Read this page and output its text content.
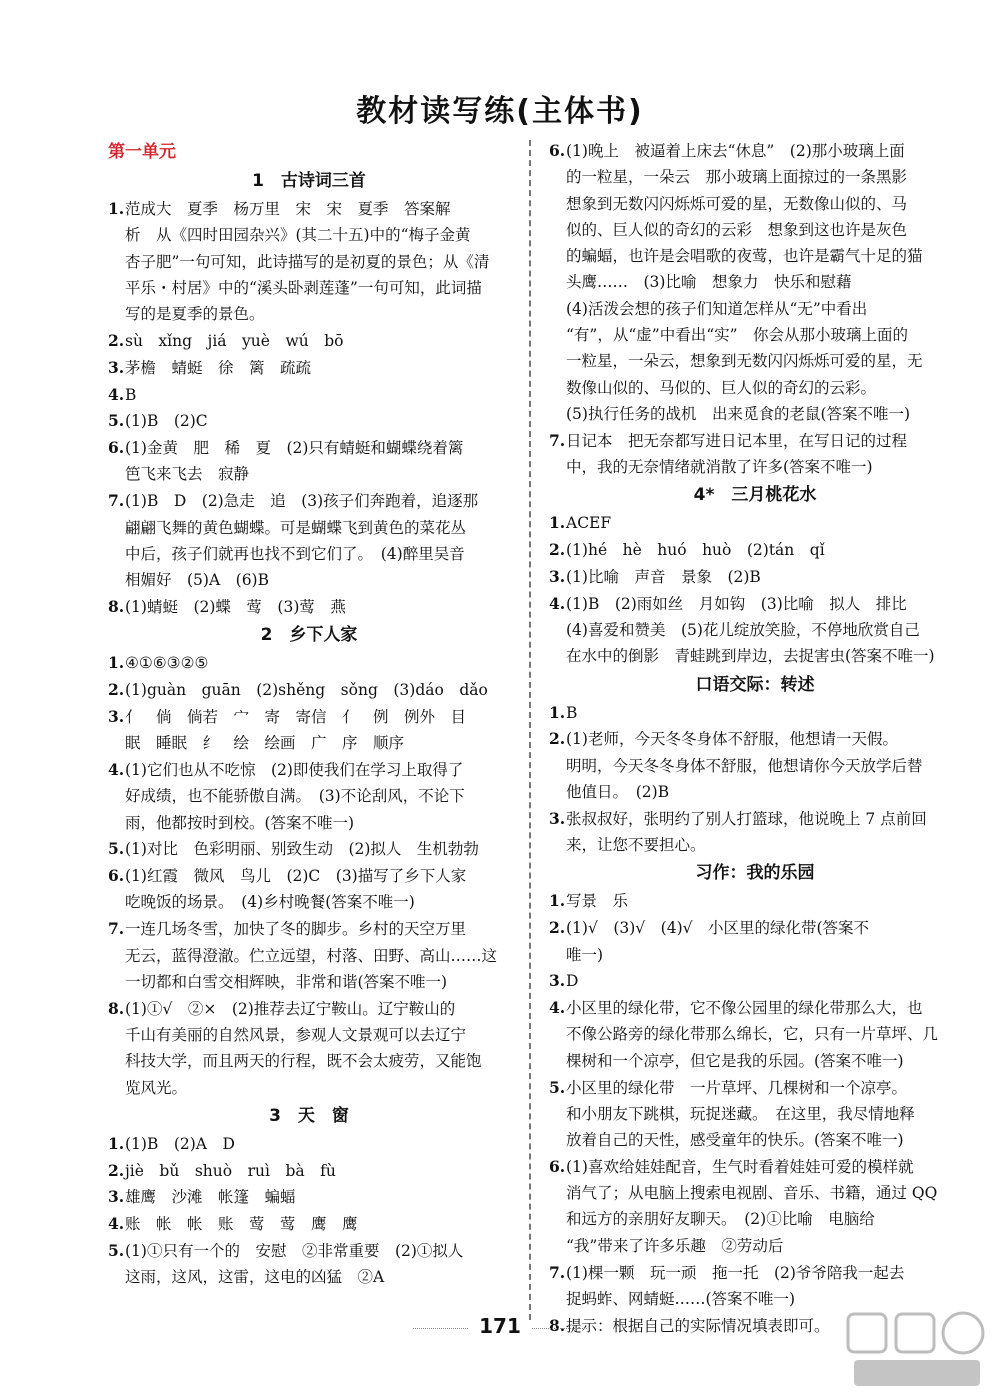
教材读写练(主体书)
第一单元
1　古诗词三首
1. 范成大　夏季　杨万里　宋　宋　夏季　答案解

析　从《四时田园杂兴》(其二十五)中的“梅子金黄

杏子肥”一句可知，此诗描写的是初夏的景色；从《清

平乐・村居》中的“溪头卧剥莲蓬”一句可知，此词描

写的是夏季的景色。

2. sù　xǐng　jiá　yuè　wú　bō

3. 茅檐　蜻蜓　徐　篱　疏疏

4. B

5. (1)B　(2)C

6. (1)金黄　肥　稀　夏　(2)只有蜻蜓和蝴蝶绕着篱

笆飞来飞去　寂静

7. (1)B　D　(2)急走　追　(3)孩子们奔跑着，追逐那

翩翩飞舞的黄色蝴蝶。可是蝴蝶飞到黄色的菜花丛

中后，孩子们就再也找不到它们了。　(4)醉里吴音

相媚好　(5)A　(6)B

8. (1)蜻蜓　(2)蝶　莺　(3)莺　燕

2　乡下人家
1. ④①⑥③②⑤

2. (1)guàn　guān　(2)shěng　sǒng　(3)dáo　dǎo

3. 亻　倘　倘若　宀　寄　寄信　亻　例　例外　目

眠　睡眠　纟　绘　绘画　广　序　顺序

4. (1)它们也从不吃惊　(2)即使我们在学习上取得了

好成绩，也不能骄傲自满。　(3)不论刮风，不论下

雨，他都按时到校。(答案不唯一)

5. (1)对比　色彩明丽、别致生动　(2)拟人　生机勃勃

6. (1)红霞　微风　鸟儿　(2)C　(3)描写了乡下人家

吃晚饭的场景。　(4)乡村晚餐(答案不唯一)

7. 一连几场冬雪，加快了冬的脚步。乡村的天空万里

无云，蓝得澄澈。伫立远望，村落、田野、高山……这

一切都和白雪交相辉映，非常和谐(答案不唯一)

8. (1)①√　②×　(2)推荐去辽宁鞍山。辽宁鞍山的

千山有美丽的自然风景，参观人文景观可以去辽宁

科技大学，而且两天的行程，既不会太疲劳，又能饱

览风光。

3　天　窗
1. (1)B　(2)A　D

2. jiè　bǔ　shuò　ruì　bà　fù

3. 雄鹰　沙滩　帐篷　蝙蝠

4. 账　帐　帐　账　莺　莺　鹰　鹰

5. (1)①只有一个的　安慰　②非常重要　(2)①拟人

这雨，这风，这雷，这电的凶猛　②A

6. (1)晚上　被逼着上床去“休息”　(2)那小玻璃上面

的一粒星，一朵云　那小玻璃上面掠过的一条黑影

想象到无数闪闪烁烁可爱的星，无数像山似的、马

似的、巨人似的奇幻的云彩　想象到这也许是灰色

的蝙蝠，也许是会唱歌的夜莺，也许是霸气十足的猫

头鹰……　(3)比喻　想象力　快乐和慰藉

(4)活泼会想的孩子们知道怎样从“无”中看出

“有”，从“虚”中看出“实”　你会从那小玻璃上面的

一粒星，一朵云，想象到无数闪闪烁烁可爱的星，无

数像山似的、马似的、巨人似的奇幻的云彩。

(5)执行任务的战机　出来觅食的老鼠(答案不唯一)

7. 日记本　把无奈都写进日记本里，在写日记的过程

中，我的无奈情绪就消散了许多(答案不唯一)

4*　三月桃花水
1. ACEF

2. (1)hé　hè　huó　huò　(2)tán　qǐ

3. (1)比喻　声音　景象　(2)B

4. (1)B　(2)雨如丝　月如钩　(3)比喻　拟人　排比

(4)喜爱和赞美　(5)花儿绽放笑脸，不停地欣赏自己

在水中的倒影　青蛙跳到岸边，去捉害虫(答案不唯一)

口语交际：转述
1. B

2. (1)老师，今天冬冬身体不舒服，他想请一天假。

明明，今天冬冬身体不舒服，他想请你今天放学后替

他值日。　(2)B

3. 张叔叔好，张明约了别人打篮球，他说晚上 7 点前回

来，让您不要担心。

习作：我的乐园
1. 写景　乐

2. (1)√　(3)√　(4)√　小区里的绿化带(答案不

唯一)

3. D

4. 小区里的绿化带，它不像公园里的绿化带那么大，也

不像公路旁的绿化带那么绵长，它，只有一片草坪、几

棵树和一个凉亭，但它是我的乐园。(答案不唯一)

5. 小区里的绿化带　一片草坪、几棵树和一个凉亭。

和小朋友下跳棋，玩捉迷藏。　在这里，我尽情地释

放着自己的天性，感受童年的快乐。(答案不唯一)

6. (1)喜欢给娃娃配音，生气时看着娃娃可爱的模样就

消气了；从电脑上搜索电视剧、音乐、书籍，通过 QQ

和远方的亲朋好友聊天。　(2)①比喻　电脑给

“我”带来了许多乐趣　②劳动后

7. (1)棵一颗　玩一顽　拖一托　(2)爷爷陪我一起去

捉蚂蚱、网蜻蜓……(答案不唯一)

8. 提示：根据自己的实际情况填表即可。

171
